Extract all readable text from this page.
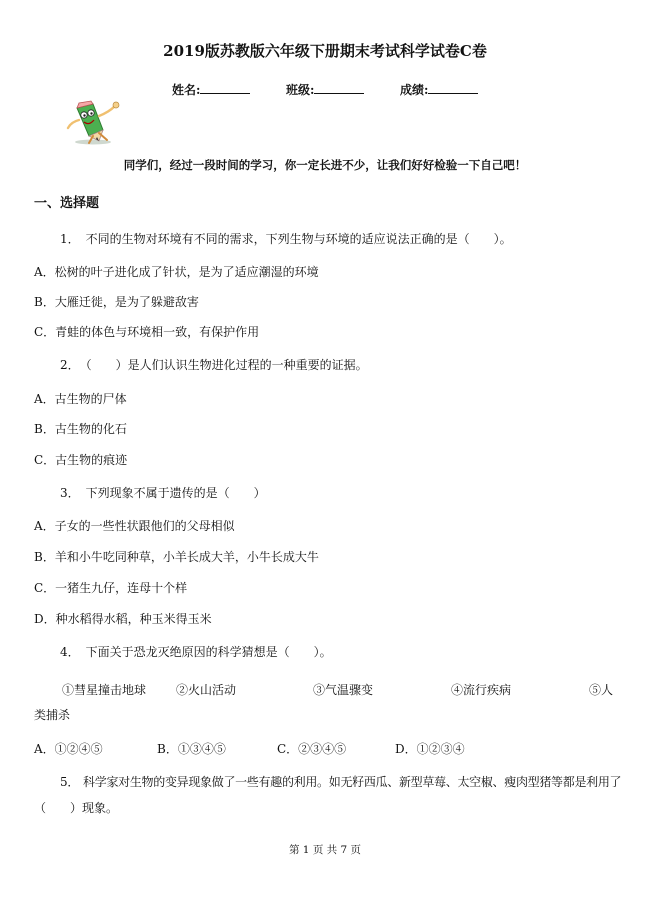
2019版苏教版六年级下册期末考试科学试卷C卷
姓名:	班级:	成绩:
同学们，经过一段时间的学习，你一定长进不少，让我们好好检验一下自己吧！
一、选择题
1． 不同的生物对环境有不同的需求，下列生物与环境的适应说法正确的是（　　）。
A．松树的叶子进化成了针状，是为了适应潮湿的环境
B．大雁迁徙，是为了躲避敌害
C．青蛙的体色与环境相一致，有保护作用
2． （　　）是人们认识生物进化过程的一种重要的证据。
A．古生物的尸体
B．古生物的化石
C．古生物的痕迹
3． 下列现象不属于遗传的是（　　）
A．子女的一些性状跟他们的父母相似
B．羊和小牛吃同种草，小羊长成大羊，小牛长成大牛
C．一猪生九仔，连母十个样
D．种水稻得水稻，种玉米得玉米
4． 下面关于恐龙灭绝原因的科学猜想是（　　）。
①彗星撞击地球 ②火山活动	③气温骤变	④流行疾病	⑤人
类捕杀
A．①②④⑤	B．①③④⑤	C．②③④⑤	D．①②③④
5． 科学家对生物的变异现象做了一些有趣的利用。如无籽西瓜、新型草莓、太空椒、瘦肉型猪等都是利用了
（　　）现象。
第 1 页 共 7 页
